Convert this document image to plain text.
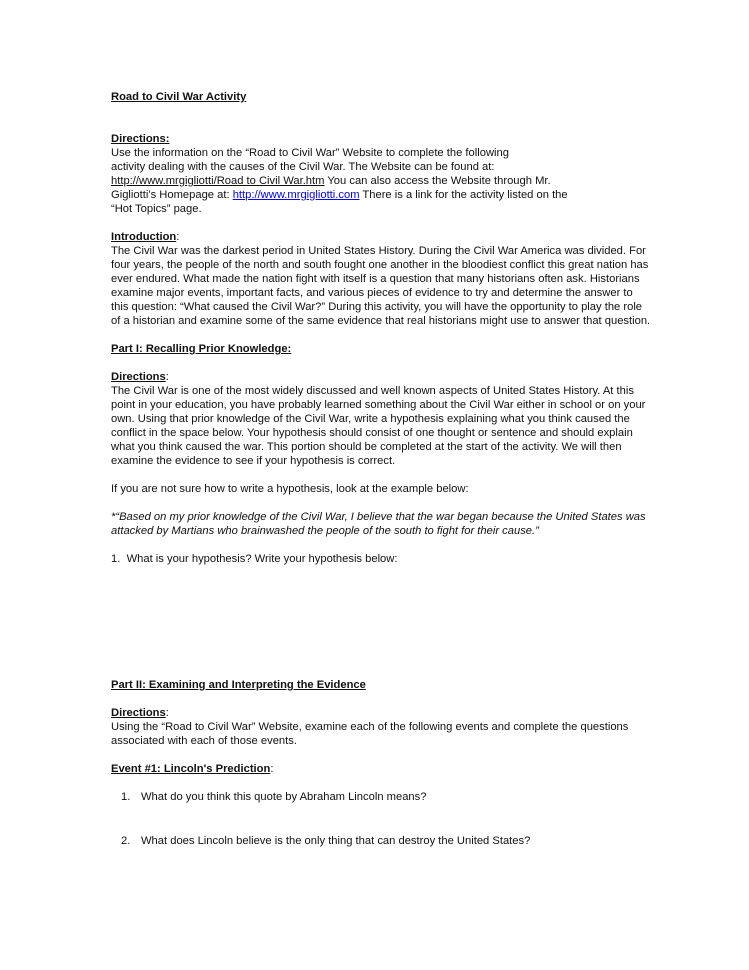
Road to Civil War Activity

Directions:

Use the information on the “Road to Civil War” Website to complete the following

activity dealing with the causes of the Civil War. The Website can be found at:

http://www.mrgigliotti/Road to Civil War.htm You can also access the Website through Mr.

Gigliotti’s Homepage at: http://www.mrgigliotti.com There is a link for the activity listed on the

“Hot Topics” page.

Introduction:

The Civil War was the darkest period in United States History. During the Civil War America was divided. For four years, the people of the north and south fought one another in the bloodiest conflict this great nation has ever endured. What made the nation fight with itself is a question that many historians often ask. Historians examine major events, important facts, and various pieces of evidence to try and determine the answer to this question: “What caused the Civil War?” During this activity, you will have the opportunity to play the role of a historian and examine some of the same evidence that real historians might use to answer that question.

Part I: Recalling Prior Knowledge:

Directions:

The Civil War is one of the most widely discussed and well known aspects of United States History. At this point in your education, you have probably learned something about the Civil War either in school or on your own. Using that prior knowledge of the Civil War, write a hypothesis explaining what you think caused the conflict in the space below. Your hypothesis should consist of one thought or sentence and should explain what you think caused the war. This portion should be completed at the start of the activity. We will then examine the evidence to see if your hypothesis is correct.

If you are not sure how to write a hypothesis, look at the example below:

*“Based on my prior knowledge of the Civil War, I believe that the war began because the United States was attacked by Martians who brainwashed the people of the south to fight for their cause.”

1. What is your hypothesis? Write your hypothesis below:

Part II: Examining and Interpreting the Evidence

Directions:

Using the “Road to Civil War” Website, examine each of the following events and complete the questions associated with each of those events.

Event #1: Lincoln's Prediction:

1. What do you think this quote by Abraham Lincoln means?
2. What does Lincoln believe is the only thing that can destroy the United States?
